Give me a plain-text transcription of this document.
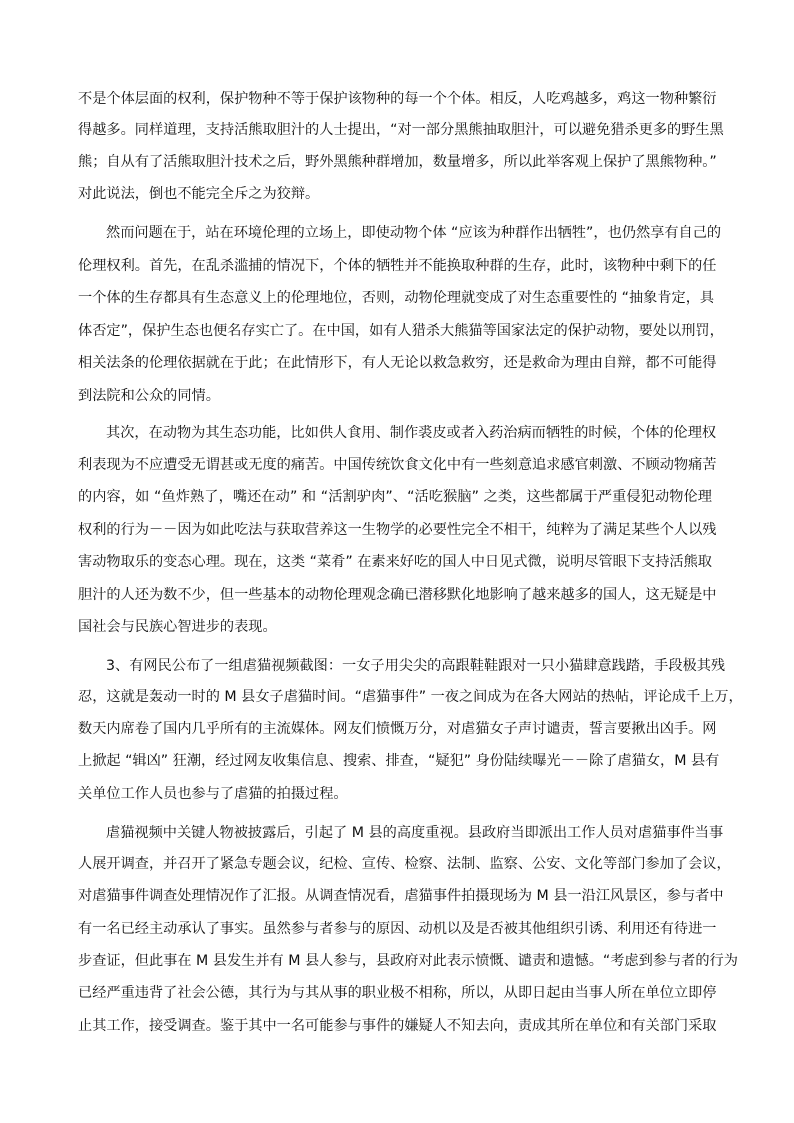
不是个体层面的权利，保护物种不等于保护该物种的每一个个体。相反，人吃鸡越多，鸡这一物种繁衍
得越多。同样道理，支持活熊取胆汁的人士提出，“对一部分黑熊抽取胆汁，可以避免猎杀更多的野生黑
熊；自从有了活熊取胆汁技术之后，野外黑熊种群增加，数量增多，所以此举客观上保护了黑熊物种。”
对此说法，倒也不能完全斥之为狡辩。
然而问题在于，站在环境伦理的立场上，即使动物个体 “应该为种群作出牺牲”，也仍然享有自己的
伦理权利。首先，在乱杀滥捕的情况下，个体的牺牲并不能换取种群的生存，此时，该物种中剩下的任
一个体的生存都具有生态意义上的伦理地位，否则，动物伦理就变成了对生态重要性的 “抽象肯定，具
体否定”，保护生态也便名存实亡了。在中国，如有人猎杀大熊猫等国家法定的保护动物，要处以刑罚，
相关法条的伦理依据就在于此；在此情形下，有人无论以救急救穷，还是救命为理由自辩，都不可能得
到法院和公众的同情。
其次，在动物为其生态功能，比如供人食用、制作裘皮或者入药治病而牺牲的时候，个体的伦理权
利表现为不应遭受无谓甚或无度的痛苦。中国传统饮食文化中有一些刻意追求感官刺激、不顾动物痛苦
的内容，如 “鱼炸熟了，嘴还在动” 和 “活割驴肉”、“活吃猴脑” 之类，这些都属于严重侵犯动物伦理
权利的行为－－因为如此吃法与获取营养这一生物学的必要性完全不相干，纯粹为了满足某些个人以残
害动物取乐的变态心理。现在，这类 “菜肴” 在素来好吃的国人中日见式微，说明尽管眼下支持活熊取
胆汁的人还为数不少，但一些基本的动物伦理观念确已潜移默化地影响了越来越多的国人，这无疑是中
国社会与民族心智进步的表现。
3、有网民公布了一组虐猫视频截图：一女子用尖尖的高跟鞋鞋跟对一只小猫肆意践踏，手段极其残
忍，这就是轰动一时的 M 县女子虐猫时间。“虐猫事件” 一夜之间成为在各大网站的热帖，评论成千上万，
数天内席卷了国内几乎所有的主流媒体。网友们愤慨万分，对虐猫女子声讨谴责，誓言要揪出凶手。网
上掀起 “辑凶” 狂潮，经过网友收集信息、搜索、排查，“疑犯” 身份陆续曝光－－除了虐猫女，M 县有
关单位工作人员也参与了虐猫的拍摄过程。
虐猫视频中关键人物被披露后，引起了 M 县的高度重视。县政府当即派出工作人员对虐猫事件当事
人展开调查，并召开了紧急专题会议，纪检、宣传、检察、法制、监察、公安、文化等部门参加了会议，
对虐猫事件调查处理情况作了汇报。从调查情况看，虐猫事件拍摄现场为 M 县一沿江风景区，参与者中
有一名已经主动承认了事实。虽然参与者参与的原因、动机以及是否被其他组织引诱、利用还有待进一
步查证，但此事在 M 县发生并有 M 县人参与，县政府对此表示愤慨、谴责和遗憾。“考虑到参与者的行为
已经严重违背了社会公德，其行为与其从事的职业极不相称，所以，从即日起由当事人所在单位立即停
止其工作，接受调查。鉴于其中一名可能参与事件的嫌疑人不知去向，责成其所在单位和有关部门采取
